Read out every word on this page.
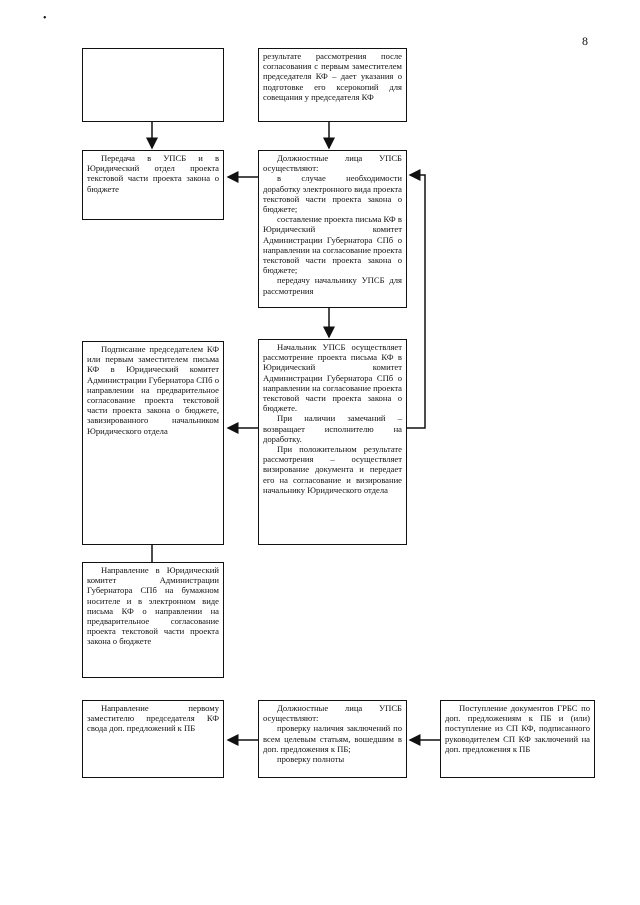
•
8

Передача в УПСБ и в Юридический отдел проекта текстовой части проекта закона о бюджете

Подписание председателем КФ или первым заместителем письма КФ в Юридический комитет Администрации Губернатора СПб о направлении на предварительное согласование проекта текстовой части проекта закона о бюджете, завизированного начальником Юридического отдела

Направление в Юридический комитет Администрации Губернатора СПб на бумажном носителе и в электронном виде письма КФ о направлении на предварительное согласование проекта текстовой части проекта закона о бюджете

Направление первому заместителю председателя КФ свода доп. предложений к ПБ

результате рассмотрения после согласования с первым заместителем председателя КФ – дает указания о подготовке его ксерокопий для совещания у председателя КФ

Должностные лица УПСБ осуществляют:

в случае необходимости доработку электронного вида проекта текстовой части проекта закона о бюджете;

составление проекта письма КФ в Юридический комитет Администрации Губернатора СПб о направлении на согласование проекта текстовой части проекта закона о бюджете;

передачу начальнику УПСБ для рассмотрения

Начальник УПСБ осуществляет рассмотрение проекта письма КФ в Юридический комитет Администрации Губернатора СПб о направлении на согласование проекта текстовой части проекта закона о бюджете.

При наличии замечаний – возвращает исполнителю на доработку.

При положительном результате рассмотрения – осуществляет визирование документа и передает его на согласование и визирование начальнику Юридического отдела

Должностные лица УПСБ осуществляют:

проверку наличия заключений по всем целевым статьям, вошедшим в доп. предложения к ПБ;

проверку полноты

Поступление документов ГРБС по доп. предложениям к ПБ и (или) поступление из СП КФ, подписанного руководителем СП КФ заключений на доп. предложения к ПБ
